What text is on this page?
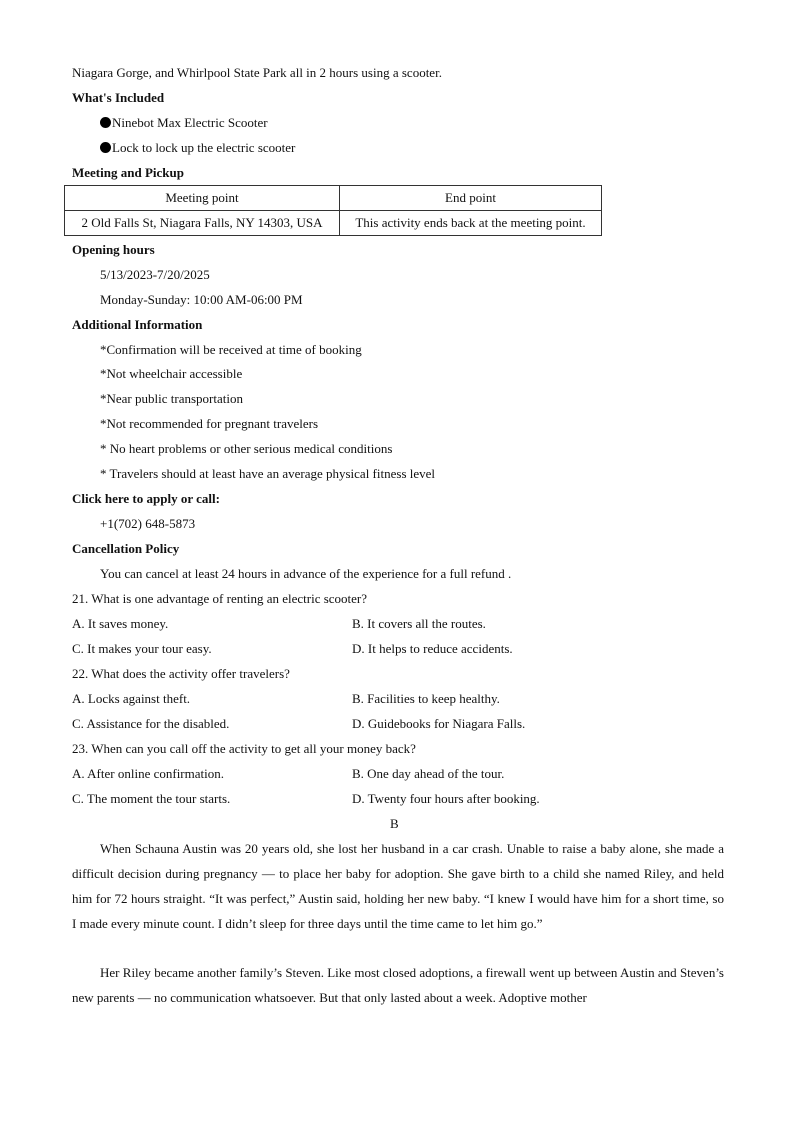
Niagara Gorge, and Whirlpool State Park all in 2 hours using a scooter.
What's Included
Ninebot Max Electric Scooter
Lock to lock up the electric scooter
Meeting and Pickup
Meeting point	End point
2 Old Falls St, Niagara Falls, NY 14303, USA	This activity ends back at the meeting point.
Opening hours
5/13/2023-7/20/2025
Monday-Sunday: 10:00 AM-06:00 PM
Additional Information
*Confirmation will be received at time of booking
*Not wheelchair accessible
*Near public transportation
*Not recommended for pregnant travelers
* No heart problems or other serious medical conditions
* Travelers should at least have an average physical fitness level
Click here to apply or call:
+1(702) 648-5873
Cancellation Policy
You can cancel at least 24 hours in advance of the experience for a full refund .
21. What is one advantage of renting an electric scooter?
A. It saves money.	B. It covers all the routes.
C. It makes your tour easy.	D. It helps to reduce accidents.
22. What does the activity offer travelers?
A. Locks against theft.	B. Facilities to keep healthy.
C. Assistance for the disabled.	D. Guidebooks for Niagara Falls.
23. When can you call off the activity to get all your money back?
A. After online confirmation.	B. One day ahead of the tour.
C. The moment the tour starts.	D. Twenty four hours after booking.
B
When Schauna Austin was 20 years old, she lost her husband in a car crash. Unable to raise a baby alone, she made a difficult decision during pregnancy — to place her baby for adoption. She gave birth to a child she named Riley, and held him for 72 hours straight. “It was perfect,” Austin said, holding her new baby. “I knew I would have him for a short time, so I made every minute count. I didn’t sleep for three days until the time came to let him go.”
Her Riley became another family’s Steven. Like most closed adoptions, a firewall went up between Austin and Steven’s new parents — no communication whatsoever. But that only lasted about a week. Adoptive mother
